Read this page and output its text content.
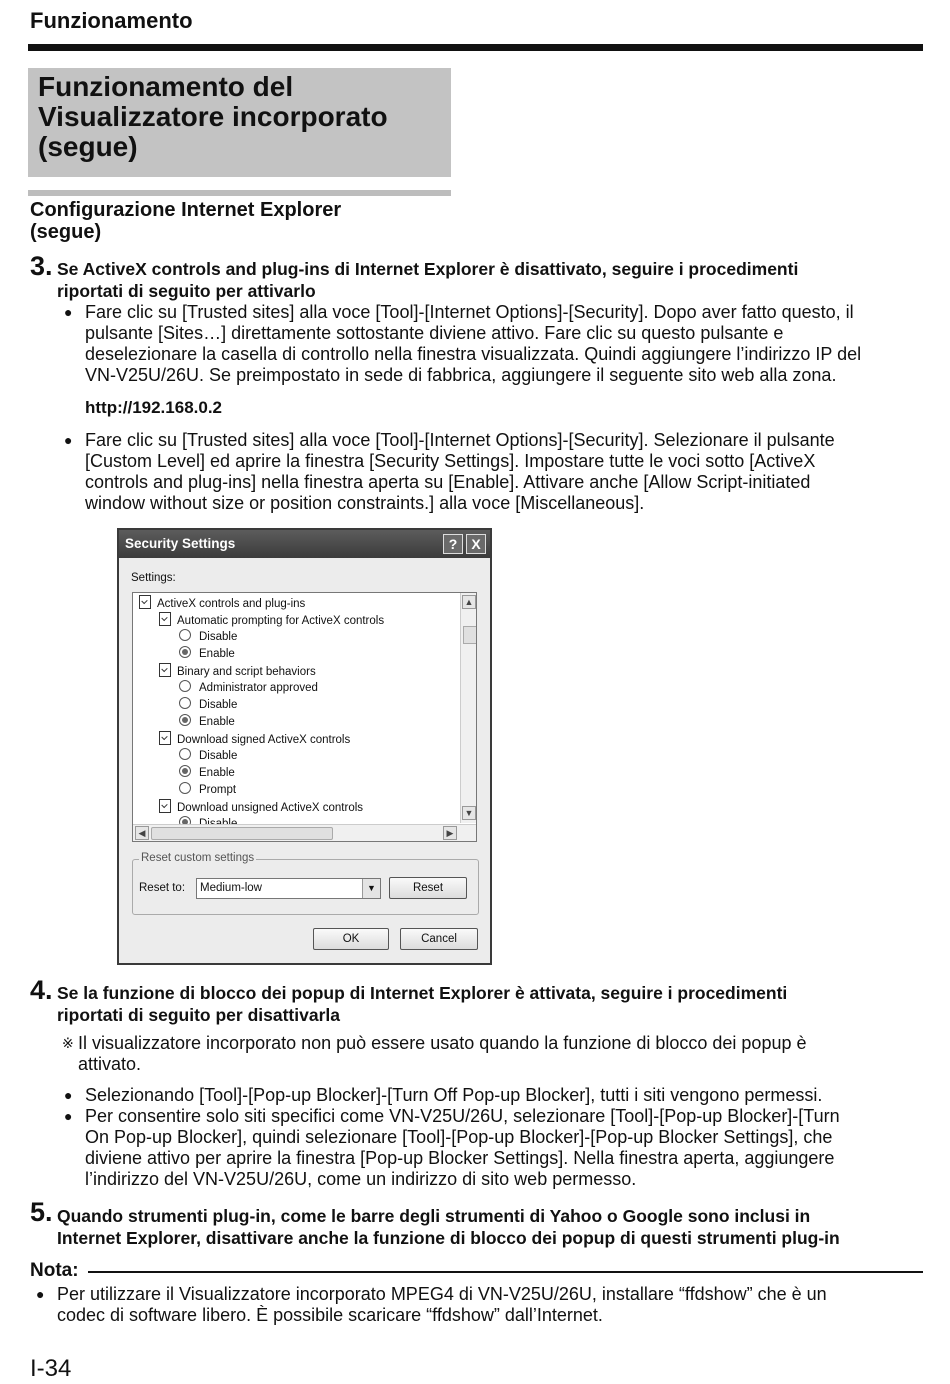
Funzionamento
Funzionamento del
Visualizzatore incorporato
(segue)
Configurazione Internet Explorer
(segue)
3. Se ActiveX controls and plug-ins di Internet Explorer è disattivato, seguire i procedimenti
riportati di seguito per attivarlo
● Fare clic su [Trusted sites] alla voce [Tool]-[Internet Options]-[Security]. Dopo aver fatto questo, il
pulsante [Sites…] direttamente sottostante diviene attivo. Fare clic su questo pulsante e
deselezionare la casella di controllo nella finestra visualizzata. Quindi aggiungere l’indirizzo IP del
VN-V25U/26U. Se preimpostato in sede di fabbrica, aggiungere il seguente sito web alla zona.
http://192.168.0.2
● Fare clic su [Trusted sites] alla voce [Tool]-[Internet Options]-[Security]. Selezionare il pulsante
[Custom Level] ed aprire la finestra [Security Settings]. Impostare tutte le voci sotto [ActiveX
controls and plug-ins] nella finestra aperta su [Enable]. Attivare anche [Allow Script-initiated
window without size or position constraints.] alla voce [Miscellaneous].
Security Settings	?	X
Settings:
ActiveX controls and plug-ins
Automatic prompting for ActiveX controls
Disable
Enable
Binary and script behaviors
Administrator approved
Disable
Enable
Download signed ActiveX controls
Disable
Enable
Prompt
Download unsigned ActiveX controls
▲
▼
◀	▶
Reset custom settings
Reset to:	Medium-low	▼	Reset
OK	Cancel
4. Se la funzione di blocco dei popup di Internet Explorer è attivata, seguire i procedimenti
riportati di seguito per disattivarla
※ Il visualizzatore incorporato non può essere usato quando la funzione di blocco dei popup è
attivato.
● Selezionando [Tool]-[Pop-up Blocker]-[Turn Off Pop-up Blocker], tutti i siti vengono permessi.
● Per consentire solo siti specifici come VN-V25U/26U, selezionare [Tool]-[Pop-up Blocker]-[Turn
On Pop-up Blocker], quindi selezionare [Tool]-[Pop-up Blocker]-[Pop-up Blocker Settings], che
diviene attivo per aprire la finestra [Pop-up Blocker Settings]. Nella finestra aperta, aggiungere
l’indirizzo del VN-V25U/26U, come un indirizzo di sito web permesso.
5. Quando strumenti plug-in, come le barre degli strumenti di Yahoo o Google sono inclusi in
Internet Explorer, disattivare anche la funzione di blocco dei popup di questi strumenti plug-in
Nota:
● Per utilizzare il Visualizzatore incorporato MPEG4 di VN-V25U/26U, installare “ffdshow” che è un
codec di software libero. È possibile scaricare “ffdshow” dall’Internet.
I-34
